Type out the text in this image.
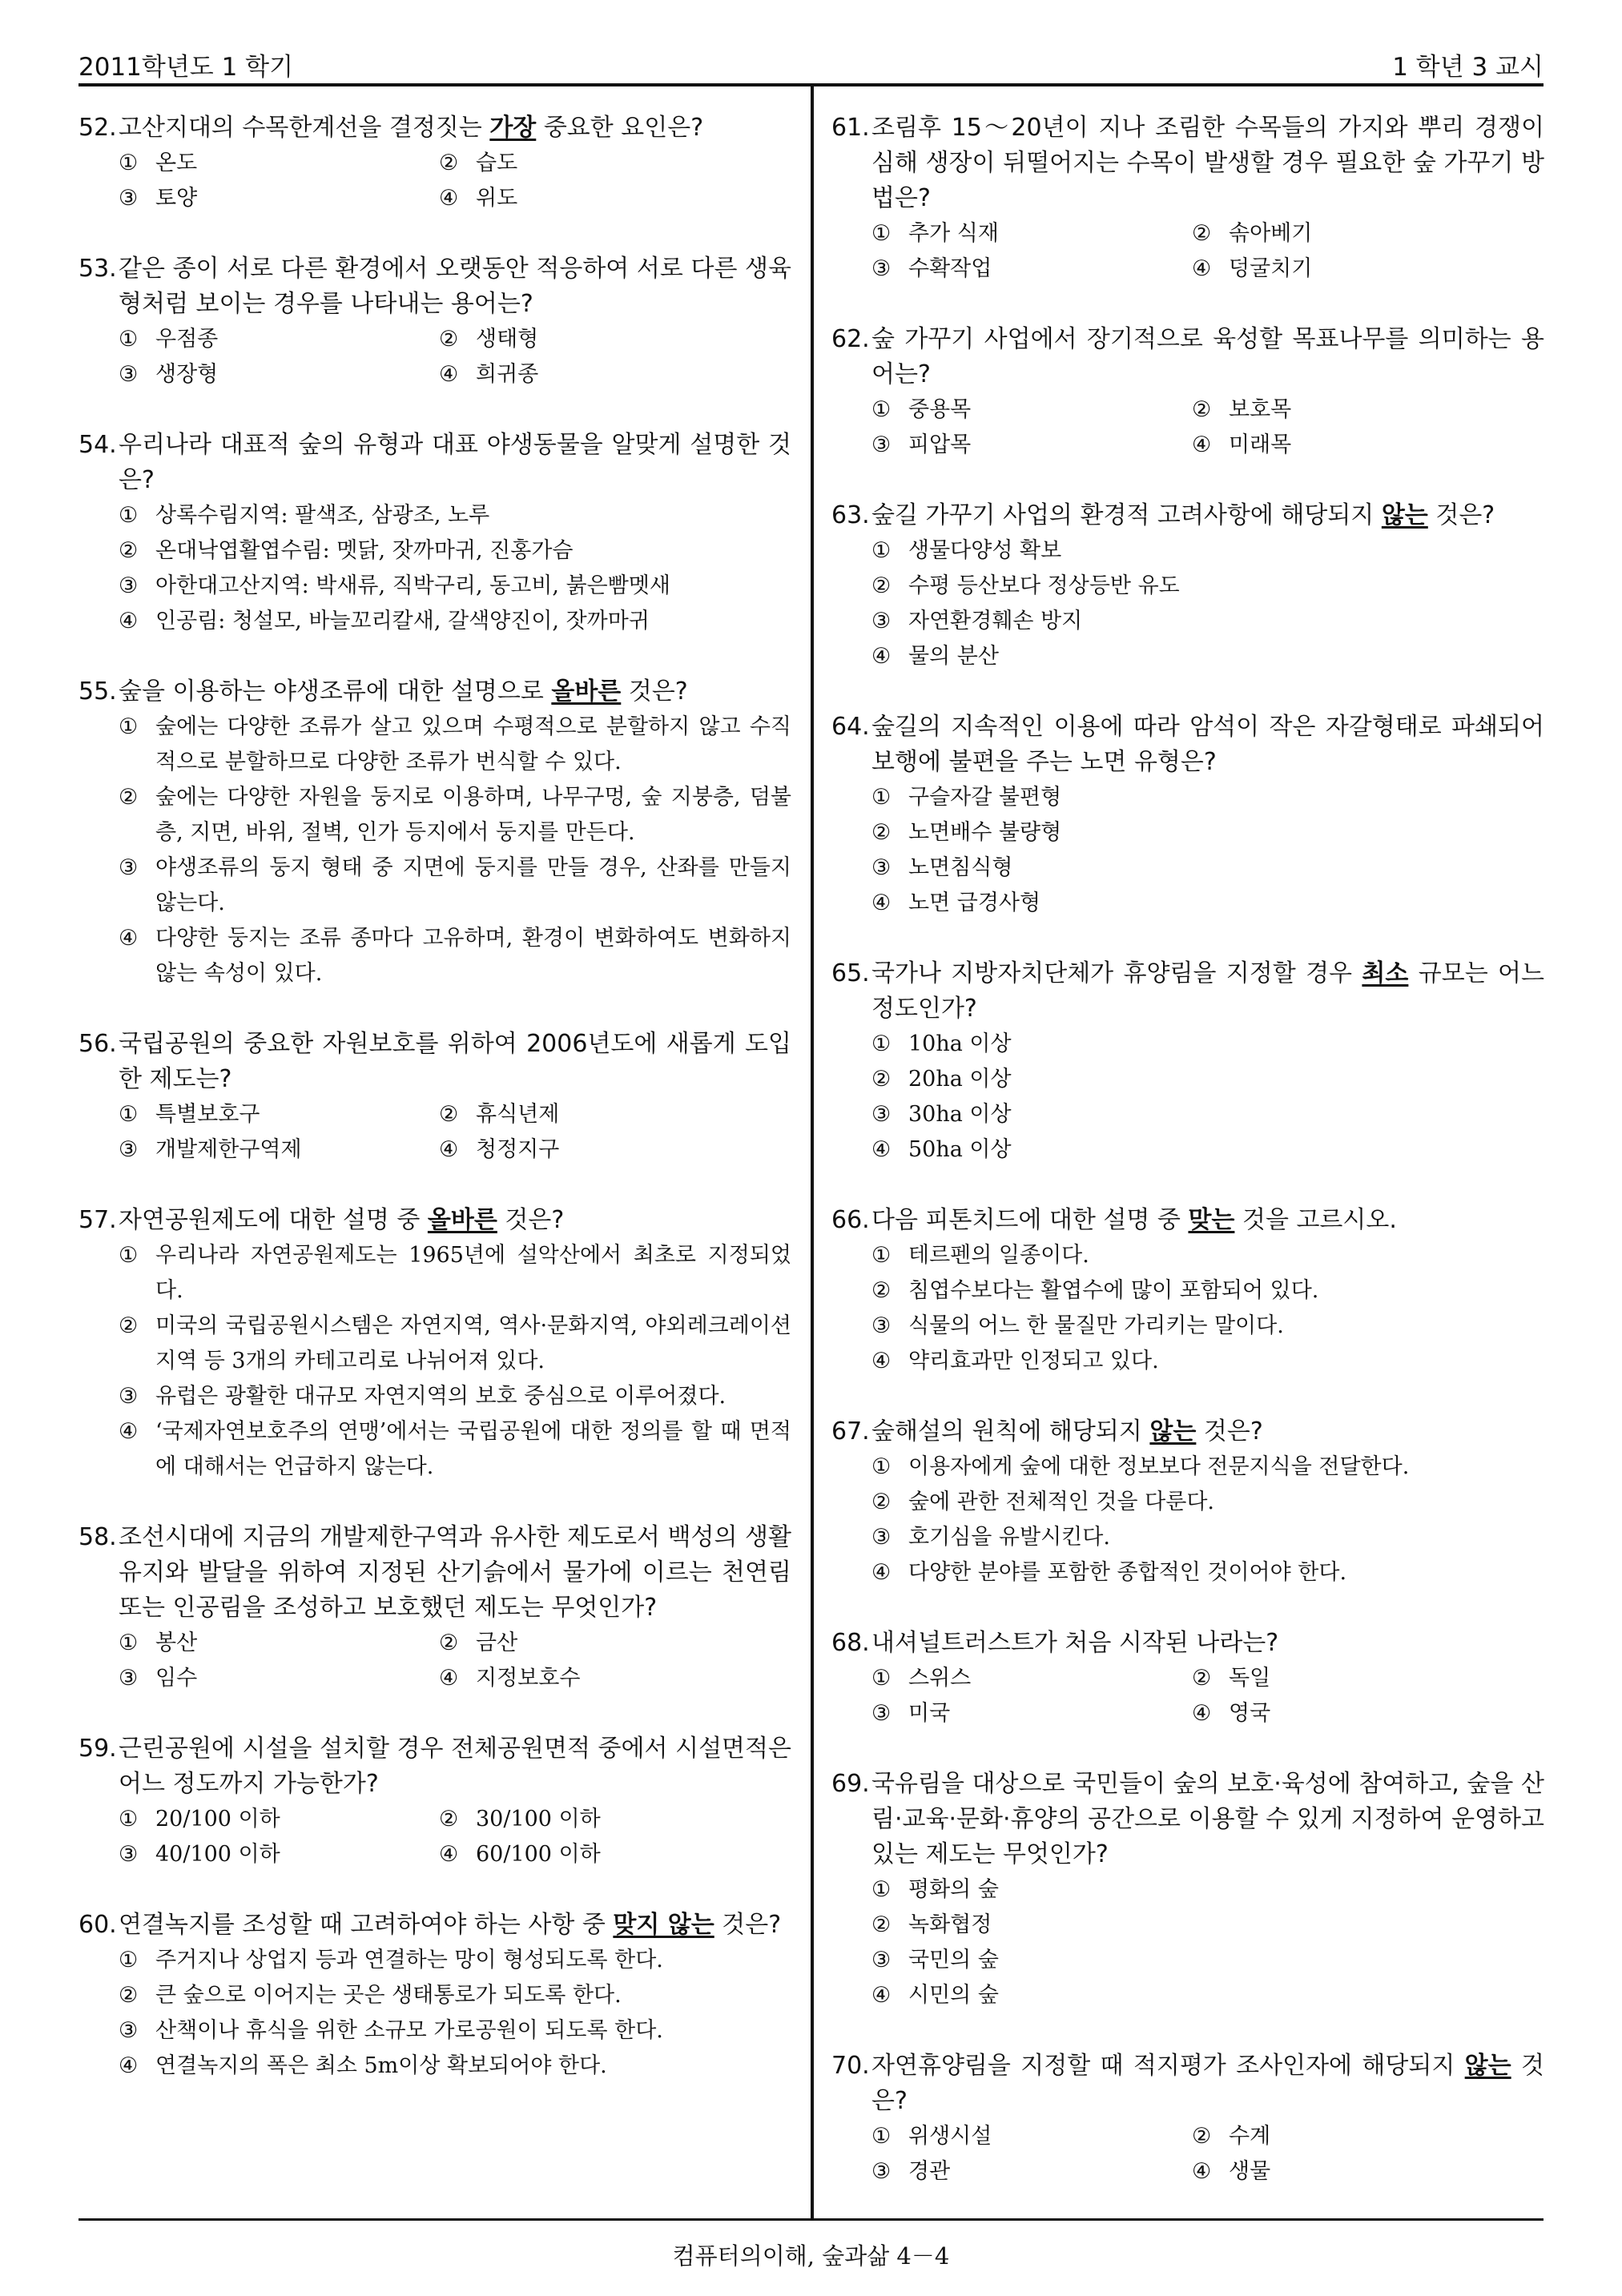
2011학년도 1 학기	1 학년 3 교시
52. 고산지대의 수목한계선을 결정짓는 가장 중요한 요인은?
① 온도	② 습도
③ 토양	④ 위도
53. 같은 종이 서로 다른 환경에서 오랫동안 적응하여 서로 다른 생육형처럼 보이는 경우를 나타내는 용어는?
① 우점종	② 생태형
③ 생장형	④ 희귀종
54. 우리나라 대표적 숲의 유형과 대표 야생동물을 알맞게 설명한 것은?
① 상록수림지역: 팔색조, 삼광조, 노루
② 온대낙엽활엽수림: 멧닭, 잣까마귀, 진홍가슴
③ 아한대고산지역: 박새류, 직박구리, 동고비, 붉은빰멧새
④ 인공림: 청설모, 바늘꼬리칼새, 갈색양진이, 잣까마귀
55. 숲을 이용하는 야생조류에 대한 설명으로 올바른 것은?
① 숲에는 다양한 조류가 살고 있으며 수평적으로 분할하지 않고 수직적으로 분할하므로 다양한 조류가 번식할 수 있다.
② 숲에는 다양한 자원을 둥지로 이용하며, 나무구멍, 숲 지붕층, 덤불층, 지면, 바위, 절벽, 인가 등지에서 둥지를 만든다.
③ 야생조류의 둥지 형태 중 지면에 둥지를 만들 경우, 산좌를 만들지 않는다.
④ 다양한 둥지는 조류 종마다 고유하며, 환경이 변화하여도 변화하지 않는 속성이 있다.
56. 국립공원의 중요한 자원보호를 위하여 2006년도에 새롭게 도입한 제도는?
① 특별보호구	② 휴식년제
③ 개발제한구역제	④ 청정지구
57. 자연공원제도에 대한 설명 중 올바른 것은?
① 우리나라 자연공원제도는 1965년에 설악산에서 최초로 지정되었다.
② 미국의 국립공원시스템은 자연지역, 역사·문화지역, 야외레크레이션지역 등 3개의 카테고리로 나뉘어져 있다.
③ 유럽은 광활한 대규모 자연지역의 보호 중심으로 이루어졌다.
④ ‘국제자연보호주의 연맹’에서는 국립공원에 대한 정의를 할 때 면적에 대해서는 언급하지 않는다.
58. 조선시대에 지금의 개발제한구역과 유사한 제도로서 백성의 생활유지와 발달을 위하여 지정된 산기슭에서 물가에 이르는 천연림 또는 인공림을 조성하고 보호했던 제도는 무엇인가?
① 봉산	② 금산
③ 임수	④ 지정보호수
59. 근린공원에 시설을 설치할 경우 전체공원면적 중에서 시설면적은 어느 정도까지 가능한가?
① 20/100 이하	② 30/100 이하
③ 40/100 이하	④ 60/100 이하
60. 연결녹지를 조성할 때 고려하여야 하는 사항 중 맞지 않는 것은?
① 주거지나 상업지 등과 연결하는 망이 형성되도록 한다.
② 큰 숲으로 이어지는 곳은 생태통로가 되도록 한다.
③ 산책이나 휴식을 위한 소규모 가로공원이 되도록 한다.
④ 연결녹지의 폭은 최소 5m이상 확보되어야 한다.
61. 조림후 15～20년이 지나 조림한 수목들의 가지와 뿌리 경쟁이 심해 생장이 뒤떨어지는 수목이 발생할 경우 필요한 숲 가꾸기 방법은?
① 추가 식재	② 솎아베기
③ 수확작업	④ 덩굴치기
62. 숲 가꾸기 사업에서 장기적으로 육성할 목표나무를 의미하는 용어는?
① 중용목	② 보호목
③ 피압목	④ 미래목
63. 숲길 가꾸기 사업의 환경적 고려사항에 해당되지 않는 것은?
① 생물다양성 확보
② 수평 등산보다 정상등반 유도
③ 자연환경훼손 방지
④ 물의 분산
64. 숲길의 지속적인 이용에 따라 암석이 작은 자갈형태로 파쇄되어 보행에 불편을 주는 노면 유형은?
① 구슬자갈 불편형
② 노면배수 불량형
③ 노면침식형
④ 노면 급경사형
65. 국가나 지방자치단체가 휴양림을 지정할 경우 최소 규모는 어느 정도인가?
① 10ha 이상
② 20ha 이상
③ 30ha 이상
④ 50ha 이상
66. 다음 피톤치드에 대한 설명 중 맞는 것을 고르시오.
① 테르펜의 일종이다.
② 침엽수보다는 활엽수에 많이 포함되어 있다.
③ 식물의 어느 한 물질만 가리키는 말이다.
④ 약리효과만 인정되고 있다.
67. 숲해설의 원칙에 해당되지 않는 것은?
① 이용자에게 숲에 대한 정보보다 전문지식을 전달한다.
② 숲에 관한 전체적인 것을 다룬다.
③ 호기심을 유발시킨다.
④ 다양한 분야를 포함한 종합적인 것이어야 한다.
68. 내셔널트러스트가 처음 시작된 나라는?
① 스위스	② 독일
③ 미국	④ 영국
69. 국유림을 대상으로 국민들이 숲의 보호·육성에 참여하고, 숲을 산림·교육·문화·휴양의 공간으로 이용할 수 있게 지정하여 운영하고 있는 제도는 무엇인가?
① 평화의 숲
② 녹화협정
③ 국민의 숲
④ 시민의 숲
70. 자연휴양림을 지정할 때 적지평가 조사인자에 해당되지 않는 것은?
① 위생시설	② 수계
③ 경관	④ 생물
컴퓨터의이해, 숲과삶 4－4
